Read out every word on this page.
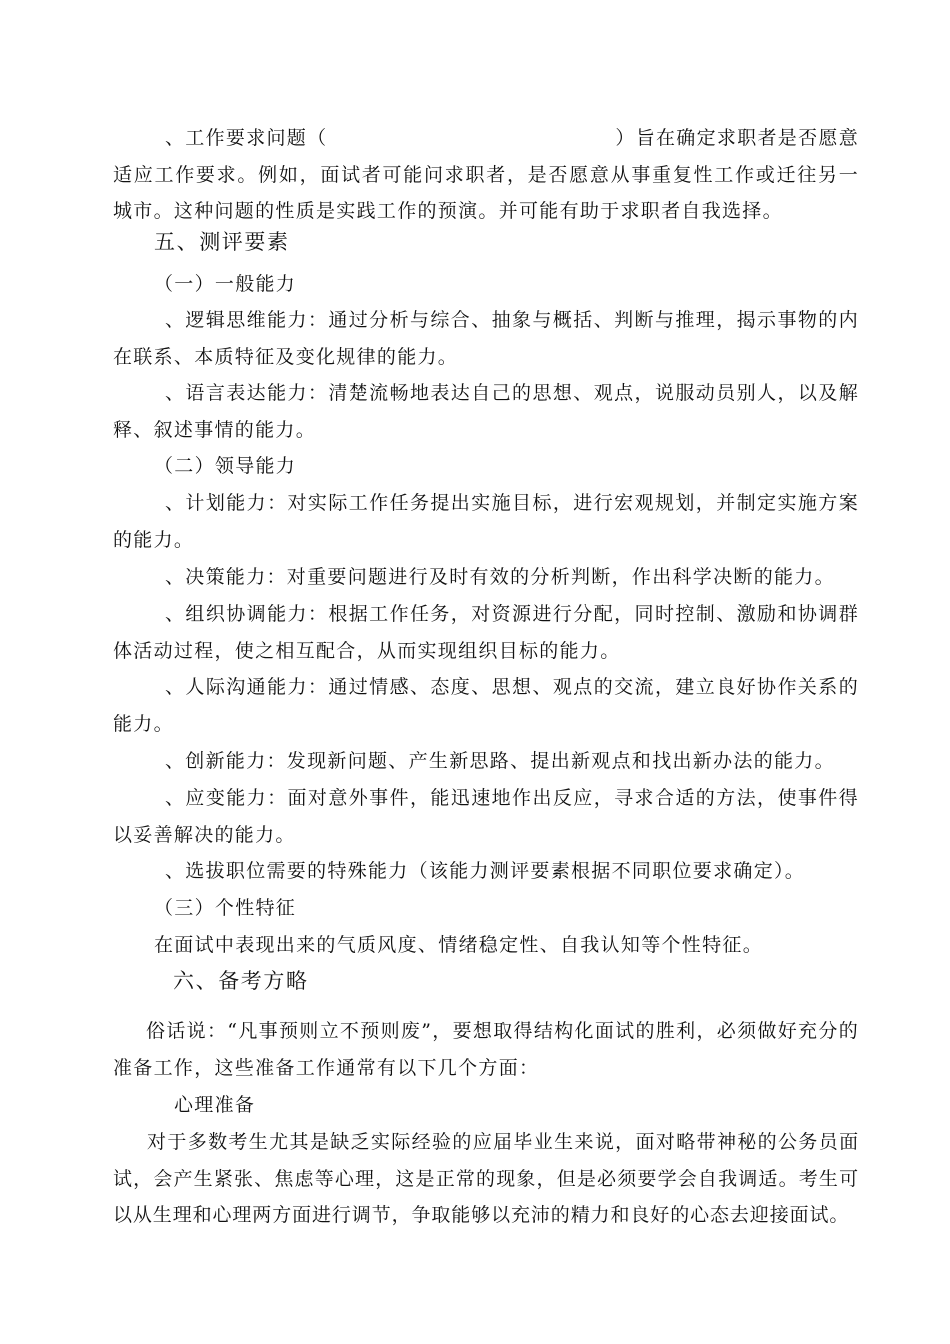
、工作要求问题（	）旨在确定求职者是否愿意适应工作要求。例如，面试者可能问求职者，是否愿意从事重复性工作或迁往另一城市。这种问题的性质是实践工作的预演。并可能有助于求职者自我选择。

五、测评要素

（一）一般能力

、逻辑思维能力：通过分析与综合、抽象与概括、判断与推理，揭示事物的内在联系、本质特征及变化规律的能力。

、语言表达能力：清楚流畅地表达自己的思想、观点，说服动员别人，以及解释、叙述事情的能力。

（二）领导能力

、计划能力：对实际工作任务提出实施目标，进行宏观规划，并制定实施方案的能力。

、决策能力：对重要问题进行及时有效的分析判断，作出科学决断的能力。

、组织协调能力：根据工作任务，对资源进行分配，同时控制、激励和协调群体活动过程，使之相互配合，从而实现组织目标的能力。

、人际沟通能力：通过情感、态度、思想、观点的交流，建立良好协作关系的能力。

、创新能力：发现新问题、产生新思路、提出新观点和找出新办法的能力。

、应变能力：面对意外事件，能迅速地作出反应，寻求合适的方法，使事件得以妥善解决的能力。

、选拔职位需要的特殊能力（该能力测评要素根据不同职位要求确定）。

（三）个性特征

在面试中表现出来的气质风度、情绪稳定性、自我认知等个性特征。

六、备考方略

俗话说：“凡事预则立不预则废”，要想取得结构化面试的胜利，必须做好充分的准备工作，这些准备工作通常有以下几个方面：

心理准备

对于多数考生尤其是缺乏实际经验的应届毕业生来说，面对略带神秘的公务员面试，会产生紧张、焦虑等心理，这是正常的现象，但是必须要学会自我调适。考生可以从生理和心理两方面进行调节，争取能够以充沛的精力和良好的心态去迎接面试。
